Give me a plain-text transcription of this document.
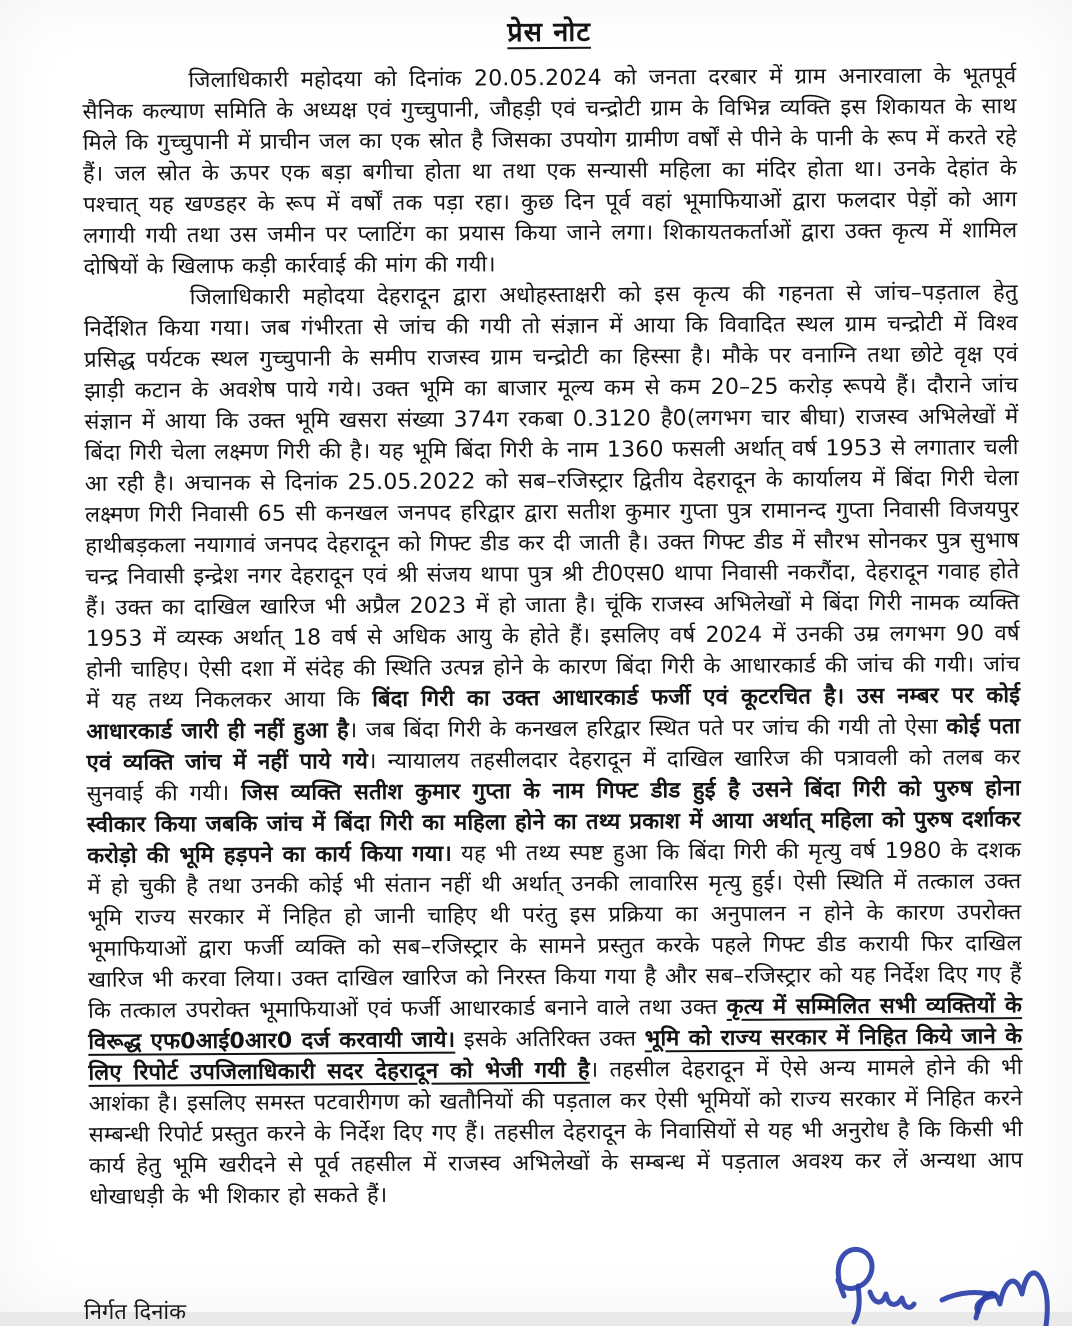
प्रेस नोट

जिलाधिकारी महोदया को दिनांक 20.05.2024 को जनता दरबार में ग्राम अनारवाला के भूतपूर्व सैनिक कल्याण समिति के अध्यक्ष एवं गुच्चुपानी, जौहड़ी एवं चन्द्रोटी ग्राम के विभिन्न व्यक्ति इस शिकायत के साथ मिले कि गुच्चुपानी में प्राचीन जल का एक स्रोत है जिसका उपयोग ग्रामीण वर्षों से पीने के पानी के रूप में करते रहे हैं। जल स्रोत के ऊपर एक बड़ा बगीचा होता था तथा एक सन्यासी महिला का मंदिर होता था। उनके देहांत के पश्चात् यह खण्डहर के रूप में वर्षों तक पड़ा रहा। कुछ दिन पूर्व वहां भूमाफियाओं द्वारा फलदार पेड़ों को आग लगायी गयी तथा उस जमीन पर प्लाटिंग का प्रयास किया जाने लगा। शिकायतकर्ताओं द्वारा उक्त कृत्य में शामिल दोषियों के खिलाफ कड़ी कार्रवाई की मांग की गयी।

जिलाधिकारी महोदया देहरादून द्वारा अधोहस्ताक्षरी को इस कृत्य की गहनता से जांच–पड़ताल हेतु निर्देशित किया गया। जब गंभीरता से जांच की गयी तो संज्ञान में आया कि विवादित स्थल ग्राम चन्द्रोटी में विश्व प्रसिद्ध पर्यटक स्थल गुच्चुपानी के समीप राजस्व ग्राम चन्द्रोटी का हिस्सा है। मौके पर वनाग्नि तथा छोटे वृक्ष एवं झाड़ी कटान के अवशेष पाये गये। उक्त भूमि का बाजार मूल्य कम से कम 20–25 करोड़ रूपये हैं। दौराने जांच संज्ञान में आया कि उक्त भूमि खसरा संख्या 374ग रकबा 0.3120 है0(लगभग चार बीघा) राजस्व अभिलेखों में बिंदा गिरी चेला लक्ष्मण गिरी की है। यह भूमि बिंदा गिरी के नाम 1360 फसली अर्थात् वर्ष 1953 से लगातार चली आ रही है। अचानक से दिनांक 25.05.2022 को सब–रजिस्ट्रार द्वितीय देहरादून के कार्यालय में बिंदा गिरी चेला लक्ष्मण गिरी निवासी 65 सी कनखल जनपद हरिद्वार द्वारा सतीश कुमार गुप्ता पुत्र रामानन्द गुप्ता निवासी विजयपुर हाथीबड़कला नयागावं जनपद देहरादून को गिफ्ट डीड कर दी जाती है। उक्त गिफ्ट डीड में सौरभ सोनकर पुत्र सुभाष चन्द्र निवासी इन्द्रेश नगर देहरादून एवं श्री संजय थापा पुत्र श्री टी0एस0 थापा निवासी नकरौंदा, देहरादून गवाह होते हैं। उक्त का दाखिल खारिज भी अप्रैल 2023 में हो जाता है। चूंकि राजस्व अभिलेखों मे बिंदा गिरी नामक व्यक्ति 1953 में व्यस्क अर्थात् 18 वर्ष से अधिक आयु के होते हैं। इसलिए वर्ष 2024 में उनकी उम्र लगभग 90 वर्ष होनी चाहिए। ऐसी दशा में संदेह की स्थिति उत्पन्न होने के कारण बिंदा गिरी के आधारकार्ड की जांच की गयी। जांच में यह तथ्य निकलकर आया कि बिंदा गिरी का उक्त आधारकार्ड फर्जी एवं कूटरचित है। उस नम्बर पर कोई आधारकार्ड जारी ही नहीं हुआ है। जब बिंदा गिरी के कनखल हरिद्वार स्थित पते पर जांच की गयी तो ऐसा कोई पता एवं व्यक्ति जांच में नहीं पाये गये। न्यायालय तहसीलदार देहरादून में दाखिल खारिज की पत्रावली को तलब कर सुनवाई की गयी। जिस व्यक्ति सतीश कुमार गुप्ता के नाम गिफ्ट डीड हुई है उसने बिंदा गिरी को पुरुष होना स्वीकार किया जबकि जांच में बिंदा गिरी का महिला होने का तथ्य प्रकाश में आया अर्थात् महिला को पुरुष दर्शाकर करोड़ो की भूमि हड़पने का कार्य किया गया। यह भी तथ्य स्पष्ट हुआ कि बिंदा गिरी की मृत्यु वर्ष 1980 के दशक में हो चुकी है तथा उनकी कोई भी संतान नहीं थी अर्थात् उनकी लावारिस मृत्यु हुई। ऐसी स्थिति में तत्काल उक्त भूमि राज्य सरकार में निहित हो जानी चाहिए थी परंतु इस प्रक्रिया का अनुपालन न होने के कारण उपरोक्त भूमाफियाओं द्वारा फर्जी व्यक्ति को सब–रजिस्ट्रार के सामने प्रस्तुत करके पहले गिफ्ट डीड करायी फिर दाखिल खारिज भी करवा लिया। उक्त दाखिल खारिज को निरस्त किया गया है और सब–रजिस्ट्रार को यह निर्देश दिए गए हैं कि तत्काल उपरोक्त भूमाफियाओं एवं फर्जी आधारकार्ड बनाने वाले तथा उक्त कृत्य में सम्मिलित सभी व्यक्तियों के विरूद्ध एफ0आई0आर0 दर्ज करवायी जाये। इसके अतिरिक्त उक्त भूमि को राज्य सरकार में निहित किये जाने के लिए रिपोर्ट उपजिलाधिकारी सदर देहरादून को भेजी गयी है। तहसील देहरादून में ऐसे अन्य मामले होने की भी आशंका है। इसलिए समस्त पटवारीगण को खतौनियों की पड़ताल कर ऐसी भूमियों को राज्य सरकार में निहित करने सम्बन्धी रिपोर्ट प्रस्तुत करने के निर्देश दिए गए हैं। तहसील देहरादून के निवासियों से यह भी अनुरोध है कि किसी भी कार्य हेतु भूमि खरीदने से पूर्व तहसील में राजस्व अभिलेखों के सम्बन्ध में पड़ताल अवश्य कर लें अन्यथा आप धोखाधड़ी के भी शिकार हो सकते हैं।

निर्गत दिनांक
